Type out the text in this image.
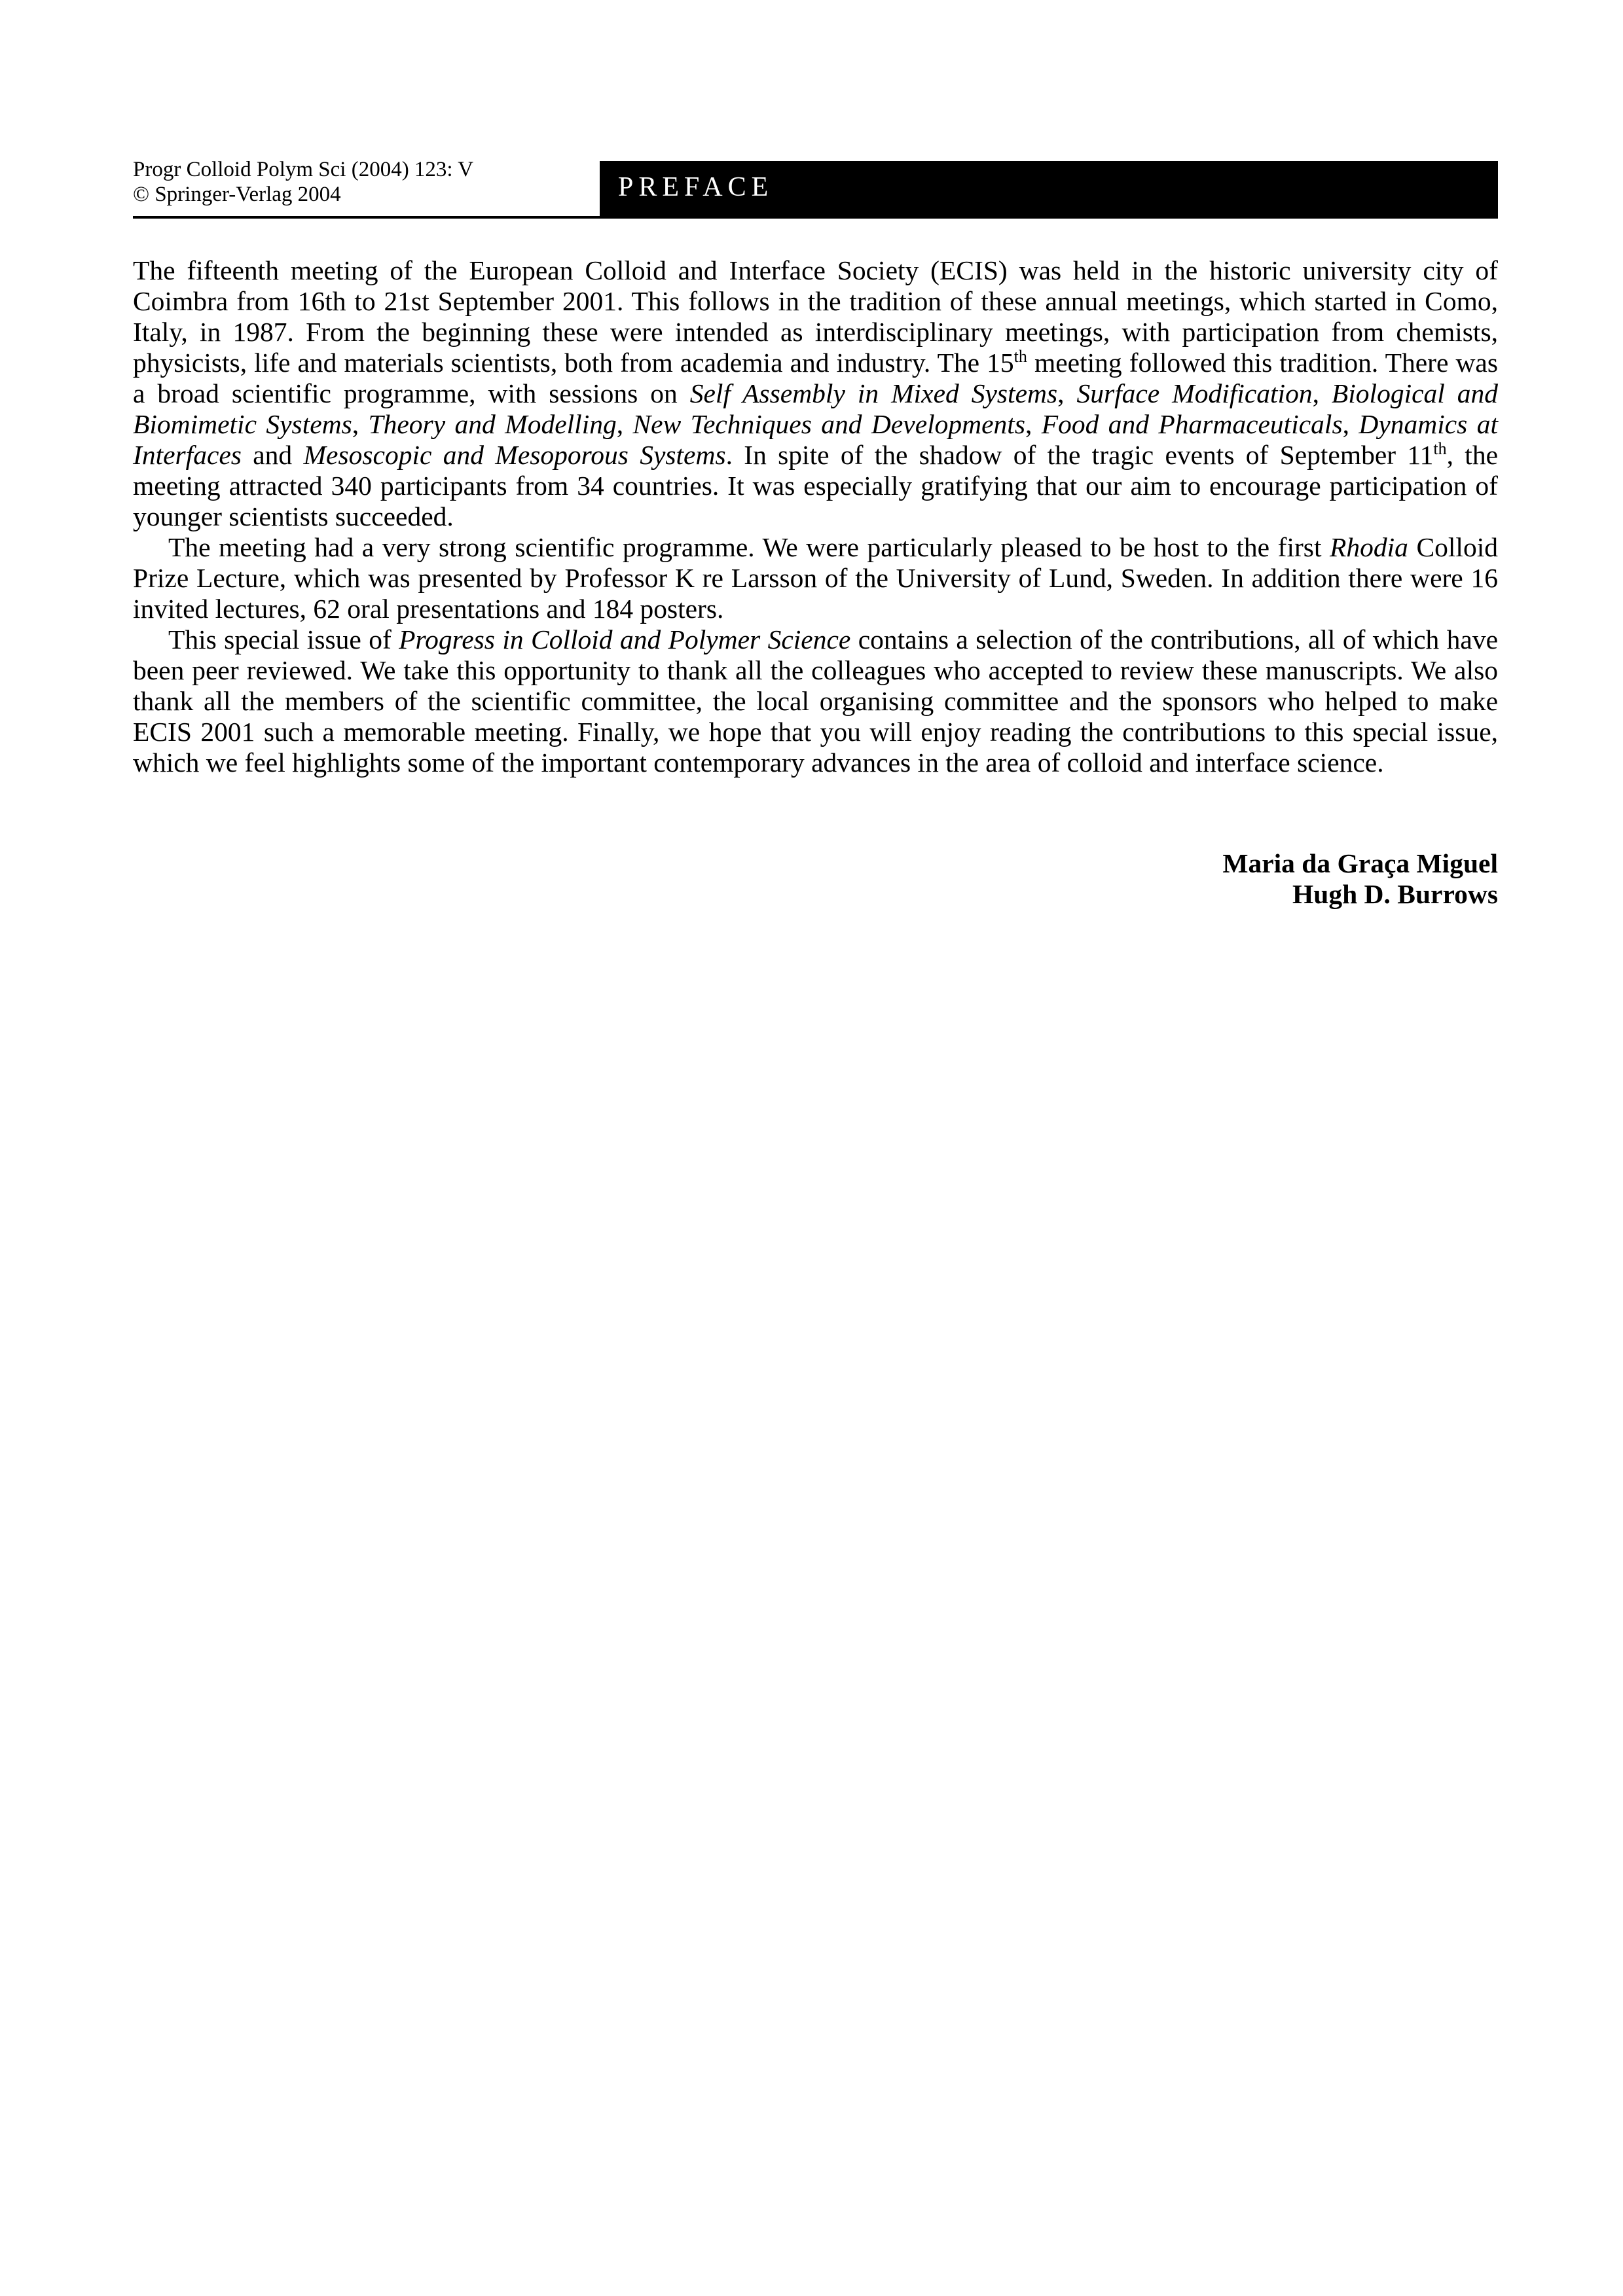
Progr Colloid Polym Sci (2004) 123: V
© Springer-Verlag 2004	PREFACE

The fifteenth meeting of the European Colloid and Interface Society (ECIS) was held in the historic university city of Coimbra from 16th to 21st September 2001. This follows in the tradition of these annual meetings, which started in Como, Italy, in 1987. From the beginning these were intended as interdisciplinary meetings, with participation from chemists, physicists, life and materials scientists, both from academia and industry. The 15th meeting followed this tradition. There was a broad scientific programme, with sessions on Self Assembly in Mixed Systems, Surface Modification, Biological and Biomimetic Systems, Theory and Modelling, New Techniques and Developments, Food and Pharmaceuticals, Dynamics at Interfaces and Mesoscopic and Mesoporous Systems. In spite of the shadow of the tragic events of September 11th, the meeting attracted 340 participants from 34 countries. It was especially gratifying that our aim to encourage participation of younger scientists succeeded.

The meeting had a very strong scientific programme. We were particularly pleased to be host to the first Rhodia Colloid Prize Lecture, which was presented by Professor K re Larsson of the University of Lund, Sweden. In addition there were 16 invited lectures, 62 oral presentations and 184 posters.

This special issue of Progress in Colloid and Polymer Science contains a selection of the contributions, all of which have been peer reviewed. We take this opportunity to thank all the colleagues who accepted to review these manuscripts. We also thank all the members of the scientific committee, the local organising committee and the sponsors who helped to make ECIS 2001 such a memorable meeting. Finally, we hope that you will enjoy reading the contributions to this special issue, which we feel highlights some of the important contemporary advances in the area of colloid and interface science.

Maria da Graça Miguel
Hugh D. Burrows
